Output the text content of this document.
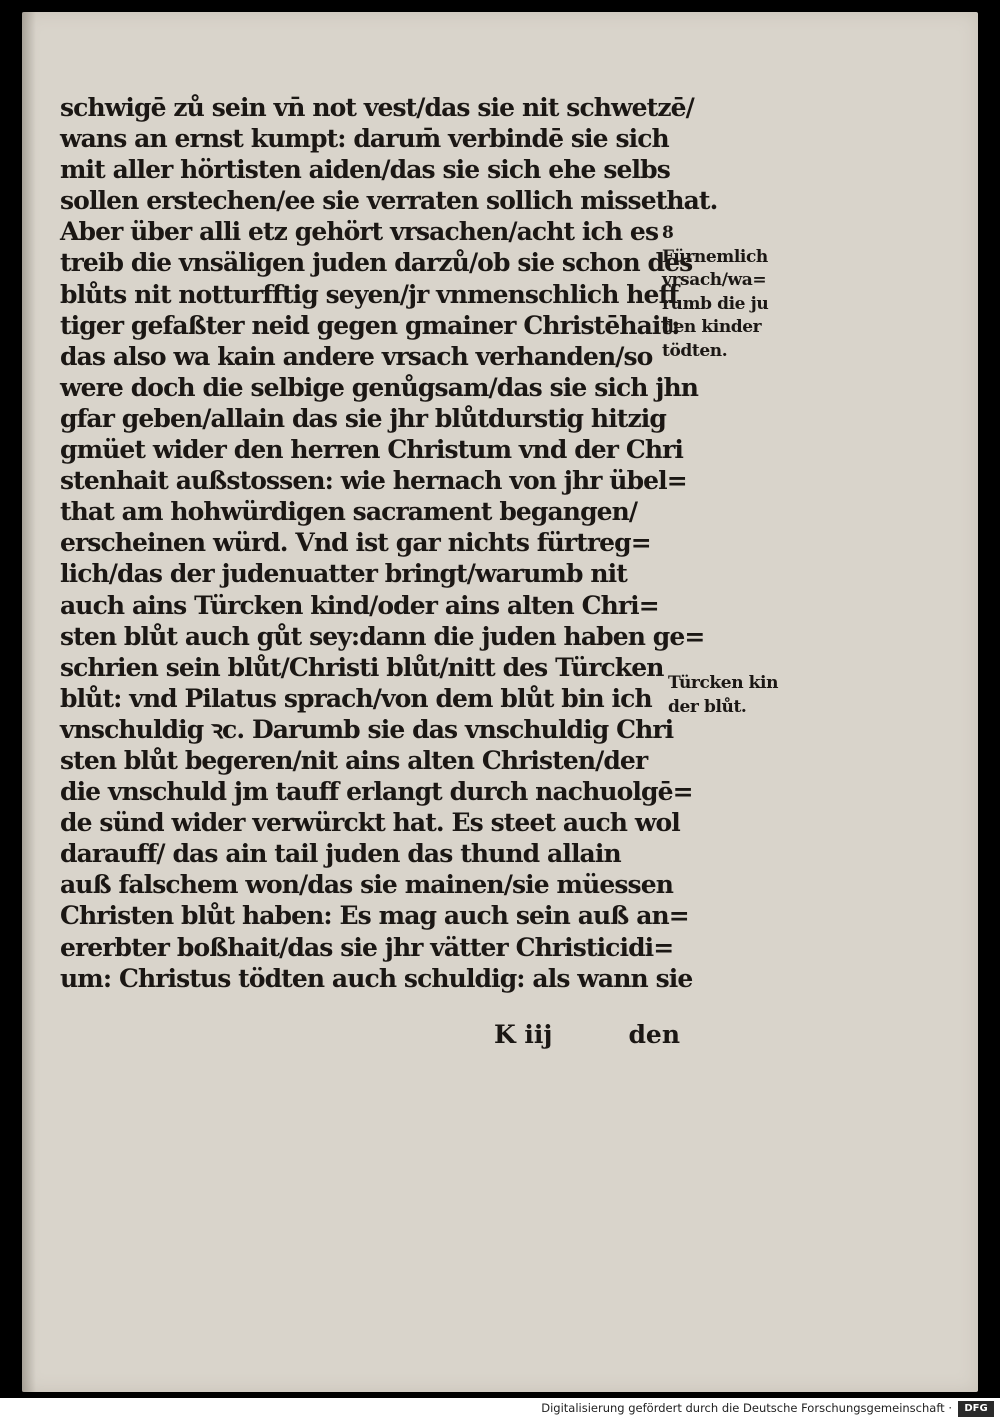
schwigē zů sein vn̄ not vest/das sie nit schwetzē/
wans an ernst kumpt: darum̄ verbindē sie sich
mit aller hörtisten aiden/das sie sich ehe selbs
sollen erstechen/ee sie verraten sollich missethat.
Aber über alli etz gehört vrsachen/acht ich es
treib die vnsäligen juden darzů/ob sie schon des
blůts nit notturfftig seyen/jr vnmenschlich heff
tiger gefaßter neid gegen gmainer Christēhait:
das also wa kain andere vrsach verhanden/so
were doch die selbige genůgsam/das sie sich jhn
gfar geben/allain das sie jhr blůtdurstig hitzig
gmüet wider den herren Christum vnd der Chri
stenhait außstossen: wie hernach von jhr übel=
that am hohwürdigen sacrament begangen/
erscheinen würd. Vnd ist gar nichts fürtreg=
lich/das der judenuatter bringt/warumb nit
auch ains Türcken kind/oder ains alten Chri=
sten blůt auch gůt sey:dann die juden haben ge=
schrien sein blůt/Christi blůt/nitt des Türcken
blůt: vnd Pilatus sprach/von dem blůt bin ich
vnschuldig ꝛc. Darumb sie das vnschuldig Chri
sten blůt begeren/nit ains alten Christen/der
die vnschuld jm tauff erlangt durch nachuolgē=
de sünd wider verwürckt hat. Es steet auch wol
darauff/ das ain tail juden das thund allain
auß falschem won/das sie mainen/sie müessen
Christen blůt haben: Es mag auch sein auß an=
ererbter boßhait/das sie jhr vätter Christicidi=
um: Christus tödten auch schuldig: als wann sie
K iij	den
8
Fürnemlich
vrsach/wa=
rumb die ju
den kinder
tödten.
Türcken kin
der blůt.
Digitalisierung gefördert durch die Deutsche Forschungsgemeinschaft ·	DFG
